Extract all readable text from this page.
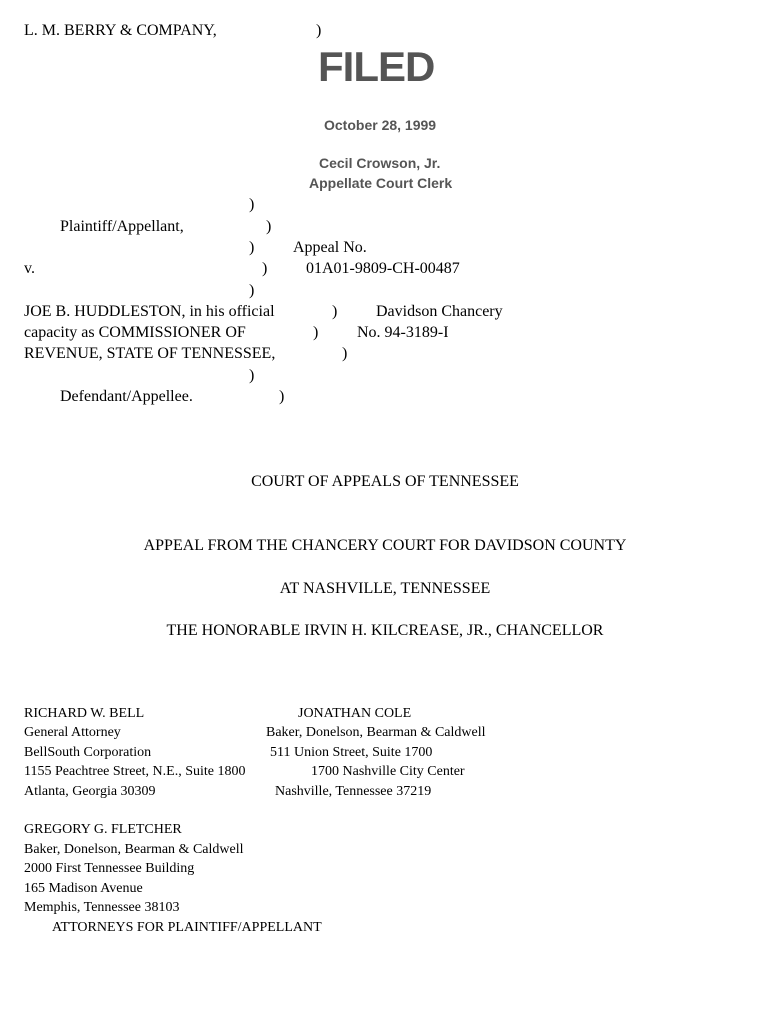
L. M. BERRY & COMPANY,	)
FILED
October 28, 1999
Cecil Crowson, Jr.
Appellate Court Clerk
)
Plaintiff/Appellant,	)
) Appeal No.
v.	) 01A01-9809-CH-00487
)
JOE B. HUDDLESTON, in his official	) Davidson Chancery
capacity as COMMISSIONER OF	) No. 94-3189-I
REVENUE, STATE OF TENNESSEE,	)
)
Defendant/Appellee.	)
COURT OF APPEALS OF TENNESSEE
APPEAL FROM THE CHANCERY COURT FOR DAVIDSON COUNTY
AT NASHVILLE, TENNESSEE
THE HONORABLE IRVIN H. KILCREASE, JR., CHANCELLOR
RICHARD W. BELL
General Attorney
BellSouth Corporation
1155 Peachtree Street, N.E., Suite 1800
Atlanta, Georgia 30309
JONATHAN COLE
Baker, Donelson, Bearman & Caldwell
511 Union Street, Suite 1700
1700 Nashville City Center
Nashville, Tennessee 37219
GREGORY G. FLETCHER
Baker, Donelson, Bearman & Caldwell
2000 First Tennessee Building
165 Madison Avenue
Memphis, Tennessee 38103
ATTORNEYS FOR PLAINTIFF/APPELLANT
